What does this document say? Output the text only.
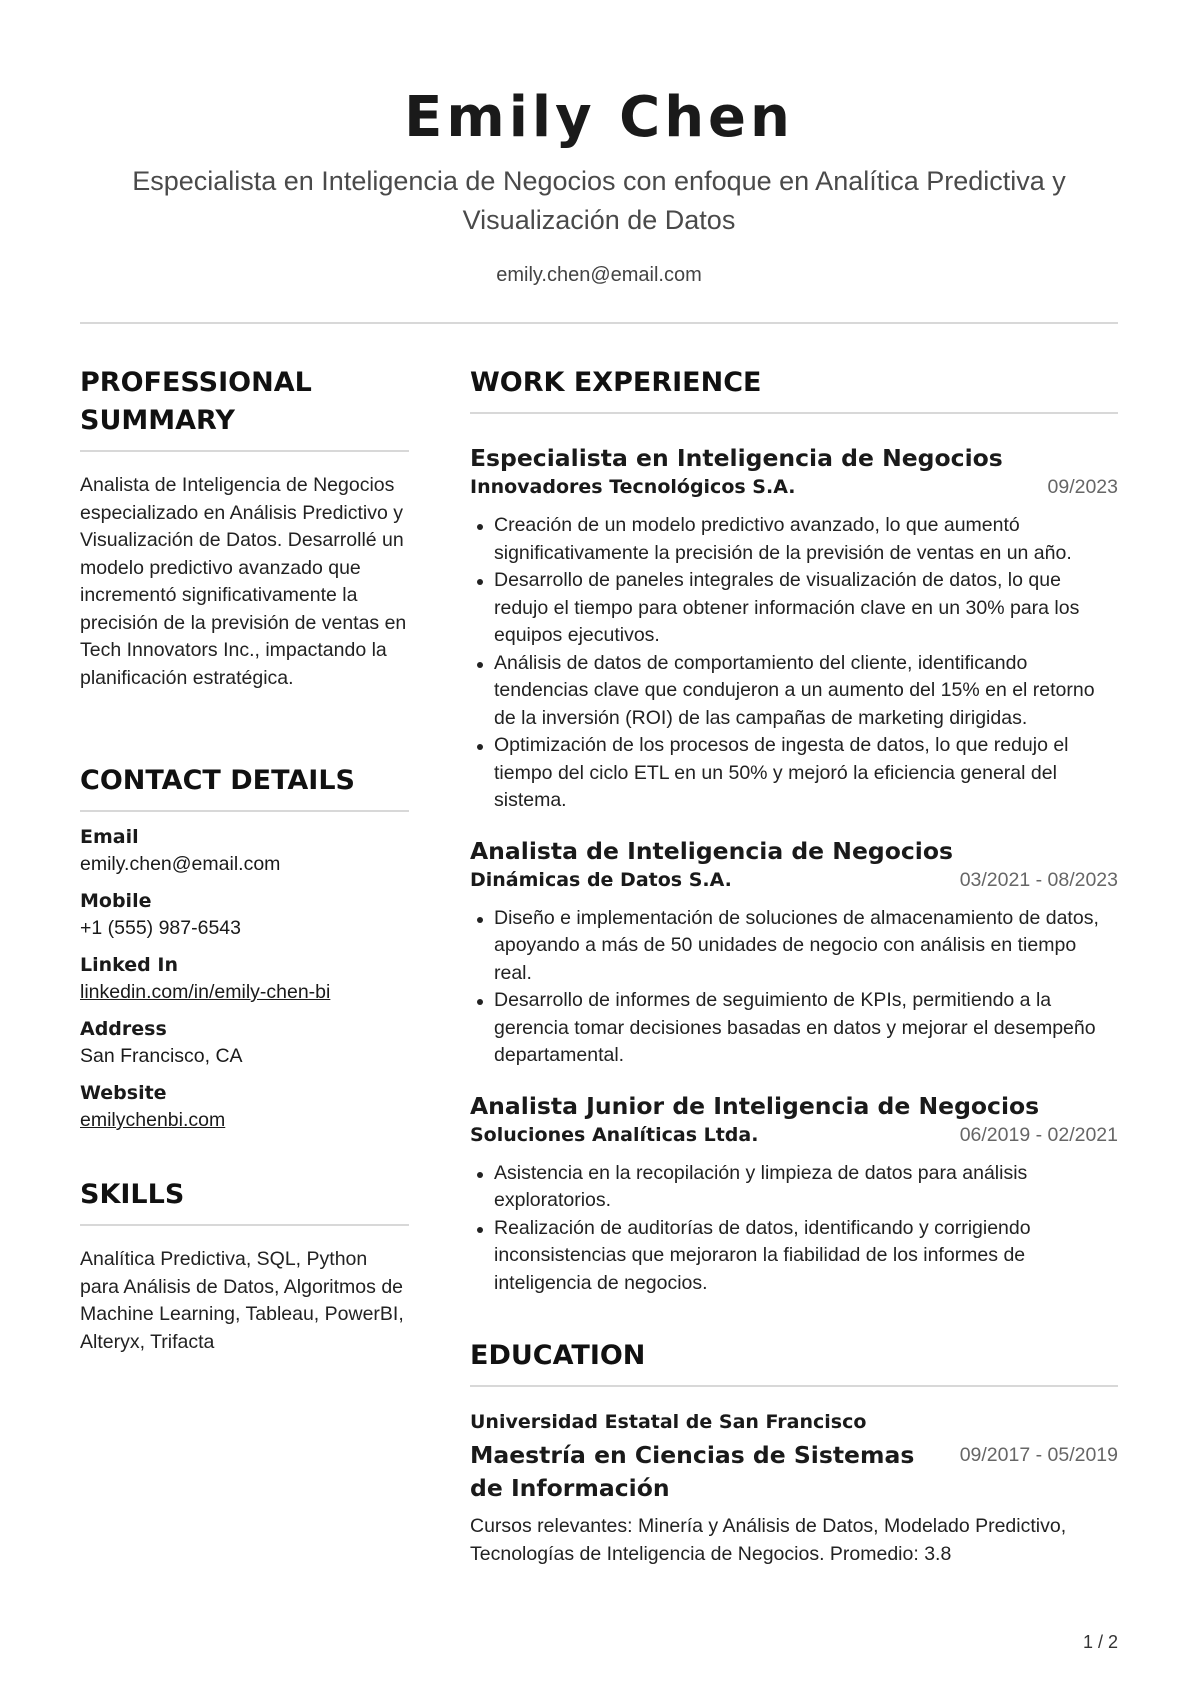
Emily Chen
Especialista en Inteligencia de Negocios con enfoque en Analítica Predictiva y Visualización de Datos
emily.chen@email.com
PROFESSIONAL SUMMARY
Analista de Inteligencia de Negocios especializado en Análisis Predictivo y Visualización de Datos. Desarrollé un modelo predictivo avanzado que incrementó significativamente la precisión de la previsión de ventas en Tech Innovators Inc., impactando la planificación estratégica.
CONTACT DETAILS
Email
emily.chen@email.com
Mobile
+1 (555) 987-6543
Linked In
linkedin.com/in/emily-chen-bi
Address
San Francisco, CA
Website
emilychenbi.com
SKILLS
Analítica Predictiva, SQL, Python para Análisis de Datos, Algoritmos de Machine Learning, Tableau, PowerBI, Alteryx, Trifacta
WORK EXPERIENCE
Especialista en Inteligencia de Negocios
Innovadores Tecnológicos S.A.	09/2023
Creación de un modelo predictivo avanzado, lo que aumentó significativamente la precisión de la previsión de ventas en un año.
Desarrollo de paneles integrales de visualización de datos, lo que redujo el tiempo para obtener información clave en un 30% para los equipos ejecutivos.
Análisis de datos de comportamiento del cliente, identificando tendencias clave que condujeron a un aumento del 15% en el retorno de la inversión (ROI) de las campañas de marketing dirigidas.
Optimización de los procesos de ingesta de datos, lo que redujo el tiempo del ciclo ETL en un 50% y mejoró la eficiencia general del sistema.
Analista de Inteligencia de Negocios
Dinámicas de Datos S.A.	03/2021 - 08/2023
Diseño e implementación de soluciones de almacenamiento de datos, apoyando a más de 50 unidades de negocio con análisis en tiempo real.
Desarrollo de informes de seguimiento de KPIs, permitiendo a la gerencia tomar decisiones basadas en datos y mejorar el desempeño departamental.
Analista Junior de Inteligencia de Negocios
Soluciones Analíticas Ltda.	06/2019 - 02/2021
Asistencia en la recopilación y limpieza de datos para análisis exploratorios.
Realización de auditorías de datos, identificando y corrigiendo inconsistencias que mejoraron la fiabilidad de los informes de inteligencia de negocios.
EDUCATION
Universidad Estatal de San Francisco
Maestría en Ciencias de Sistemas de Información
09/2017 - 05/2019
Cursos relevantes: Minería y Análisis de Datos, Modelado Predictivo, Tecnologías de Inteligencia de Negocios. Promedio: 3.8
1 / 2
